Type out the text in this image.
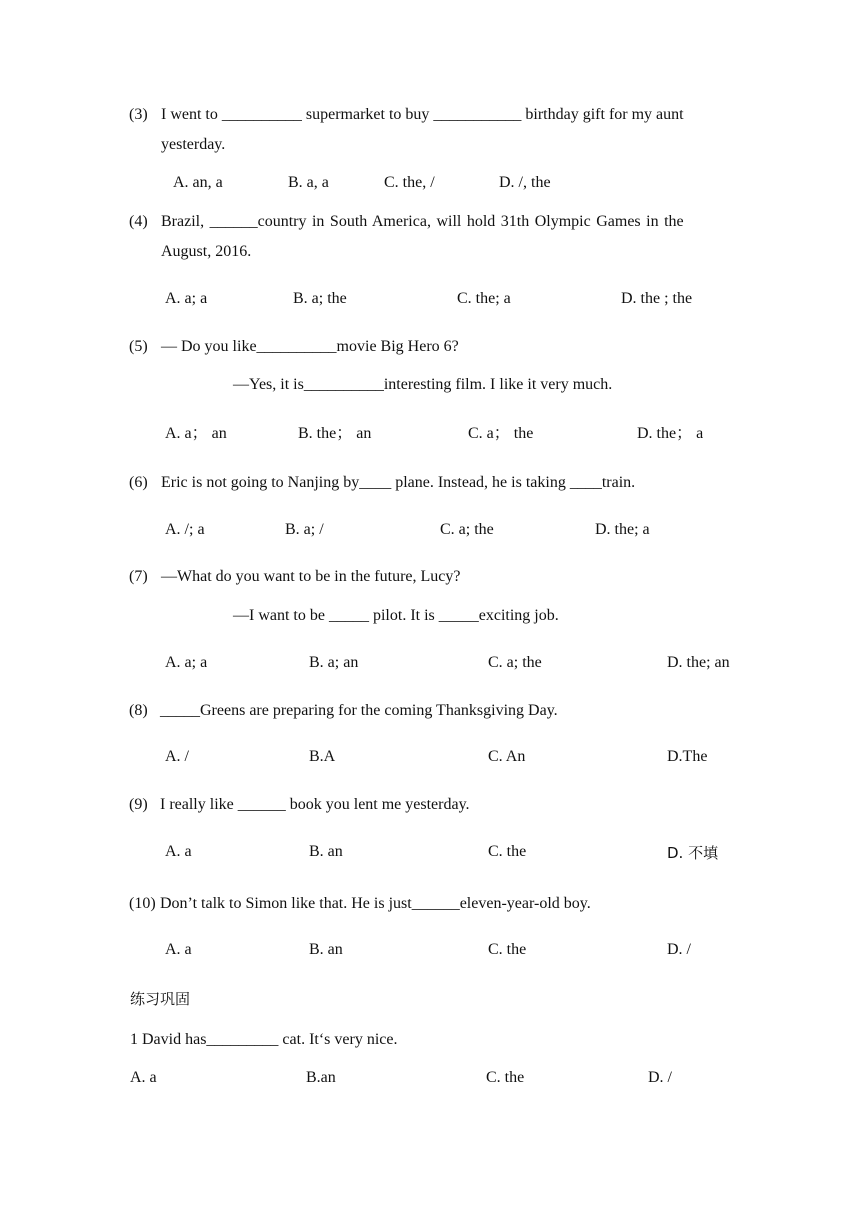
(3) I went to __________ supermarket to buy ___________ birthday gift for my aunt
yesterday.
A. an, a	B. a, a	C. the, /	D. /, the
(4) Brazil, ______country in South America, will hold 31th Olympic Games in the
August, 2016.
A. a; a	B. a; the	C. the; a	D. the ; the
(5) — Do you like__________movie Big Hero 6?
—Yes, it is__________interesting film. I like it very much.
A. a； an	B. the； an	C. a； the	D. the； a
(6) Eric is not going to Nanjing by____ plane. Instead, he is taking ____train.
A. /; a	B. a; /	C. a; the	D. the; a
(7) —What do you want to be in the future, Lucy?
—I want to be _____ pilot. It is _____exciting job.
A. a; a	B. a; an	C. a; the	D. the; an
(8) _____Greens are preparing for the coming Thanksgiving Day.
A. /	B.A	C. An	D.The
(9) I really like ______ book you lent me yesterday.
A. a	B. an	C. the	D. 不填
(10) Don’t talk to Simon like that. He is just______eleven-year-old boy.
A. a	B. an	C. the	D. /
练习巩固
1 David has_________ cat. It‘s very nice.
A. a	B.an	C. the	D. /
